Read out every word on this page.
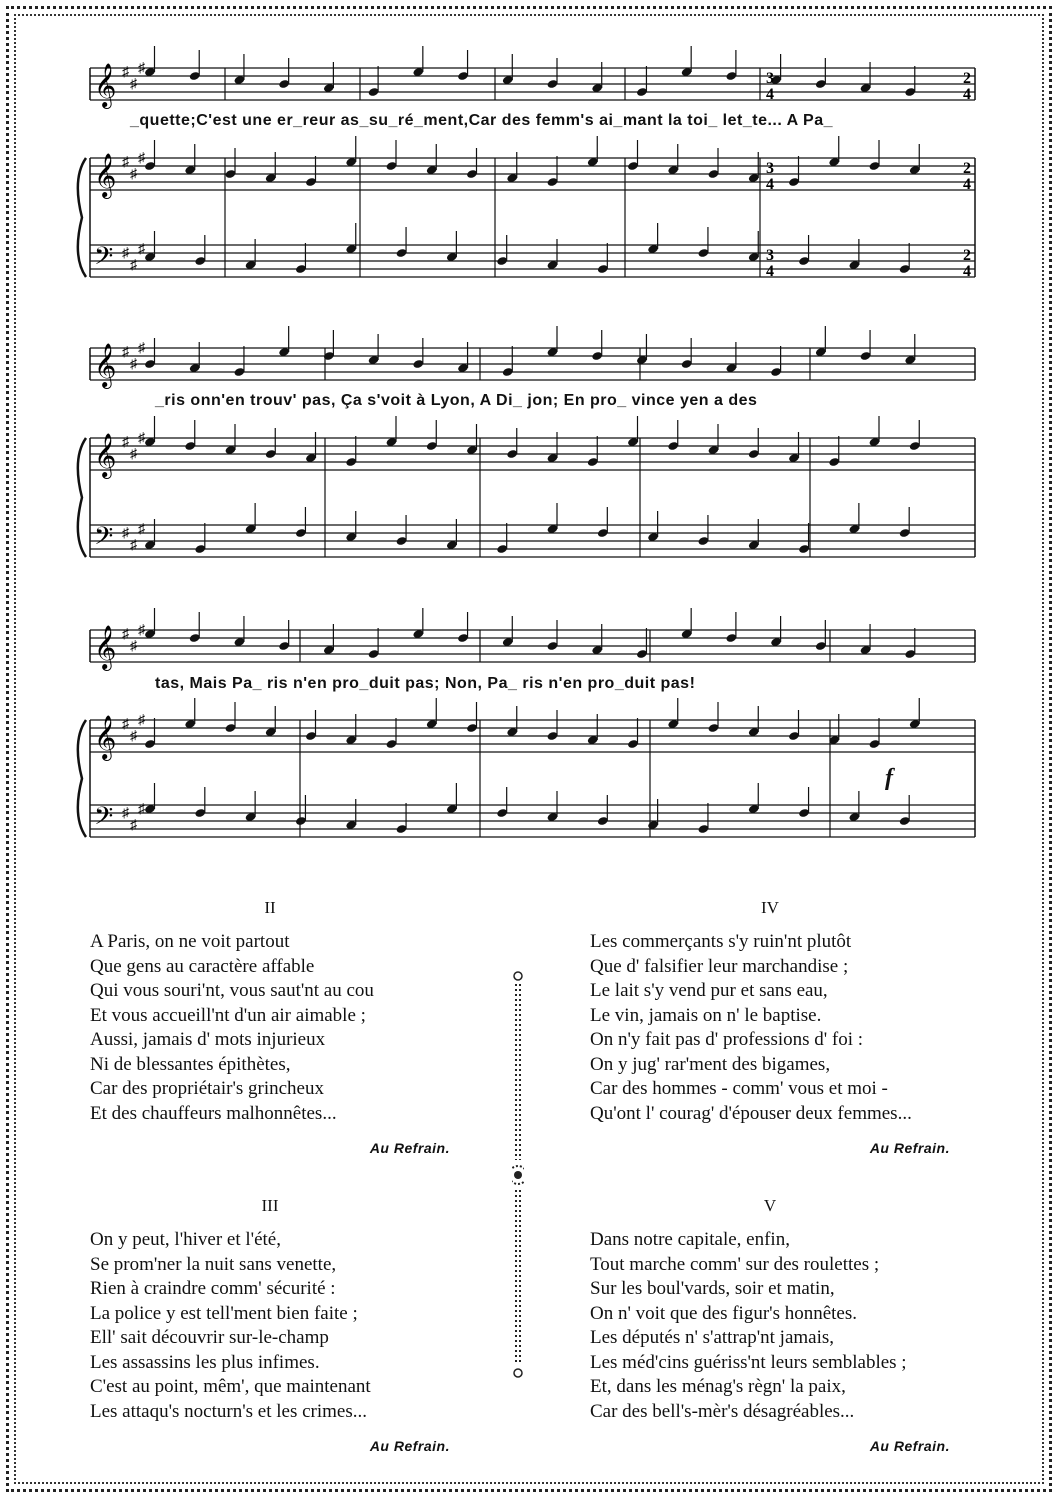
𝄞
𝄞
𝄢
♯
♯
♯
♯
♯
♯
♯
♯
♯
𝄞
𝄞
𝄢
♯
♯
♯
♯
♯
♯
♯
♯
♯
𝄞
𝄞
𝄢
♯
♯
♯
♯
♯
♯
♯
♯
♯
3
4
3
4
3
4
2
4
2
4
2
4
_quette;C'est une er_reur as_su_ré_ment,Car des femm's ai_mant la toi_ let_te... A Pa_
_ris onn'en trouv' pas, Ça s'voit à Lyon, A Di_ jon; En pro_ vince yen a des
tas, Mais Pa_ ris n'en pro_duit pas; Non, Pa_ ris n'en pro_duit pas!
f
II
A Paris, on ne voit partout
Que gens au caractère affable
Qui vous souri'nt, vous saut'nt au cou
Et vous accueill'nt d'un air aimable ;
Aussi, jamais d' mots injurieux
Ni de blessantes épithètes,
Car des propriétair's grincheux
Et des chauffeurs malhonnêtes...
Au Refrain.
IV
Les commerçants s'y ruin'nt plutôt
Que d' falsifier leur marchandise ;
Le lait s'y vend pur et sans eau,
Le vin, jamais on n' le baptise.
On n'y fait pas d' professions d' foi :
On y jug' rar'ment des bigames,
Car des hommes - comm' vous et moi -
Qu'ont l' courag' d'épouser deux femmes...
Au Refrain.
III
On y peut, l'hiver et l'été,
Se prom'ner la nuit sans venette,
Rien à craindre comm' sécurité :
La police y est tell'ment bien faite ;
Ell' sait découvrir sur-le-champ
Les assassins les plus infimes.
C'est au point, mêm', que maintenant
Les attaqu's nocturn's et les crimes...
Au Refrain.
V
Dans notre capitale, enfin,
Tout marche comm' sur des roulettes ;
Sur les boul'vards, soir et matin,
On n' voit que des figur's honnêtes.
Les députés n' s'attrap'nt jamais,
Les méd'cins guériss'nt leurs semblables ;
Et, dans les ménag's règn' la paix,
Car des bell's-mèr's désagréables...
Au Refrain.
